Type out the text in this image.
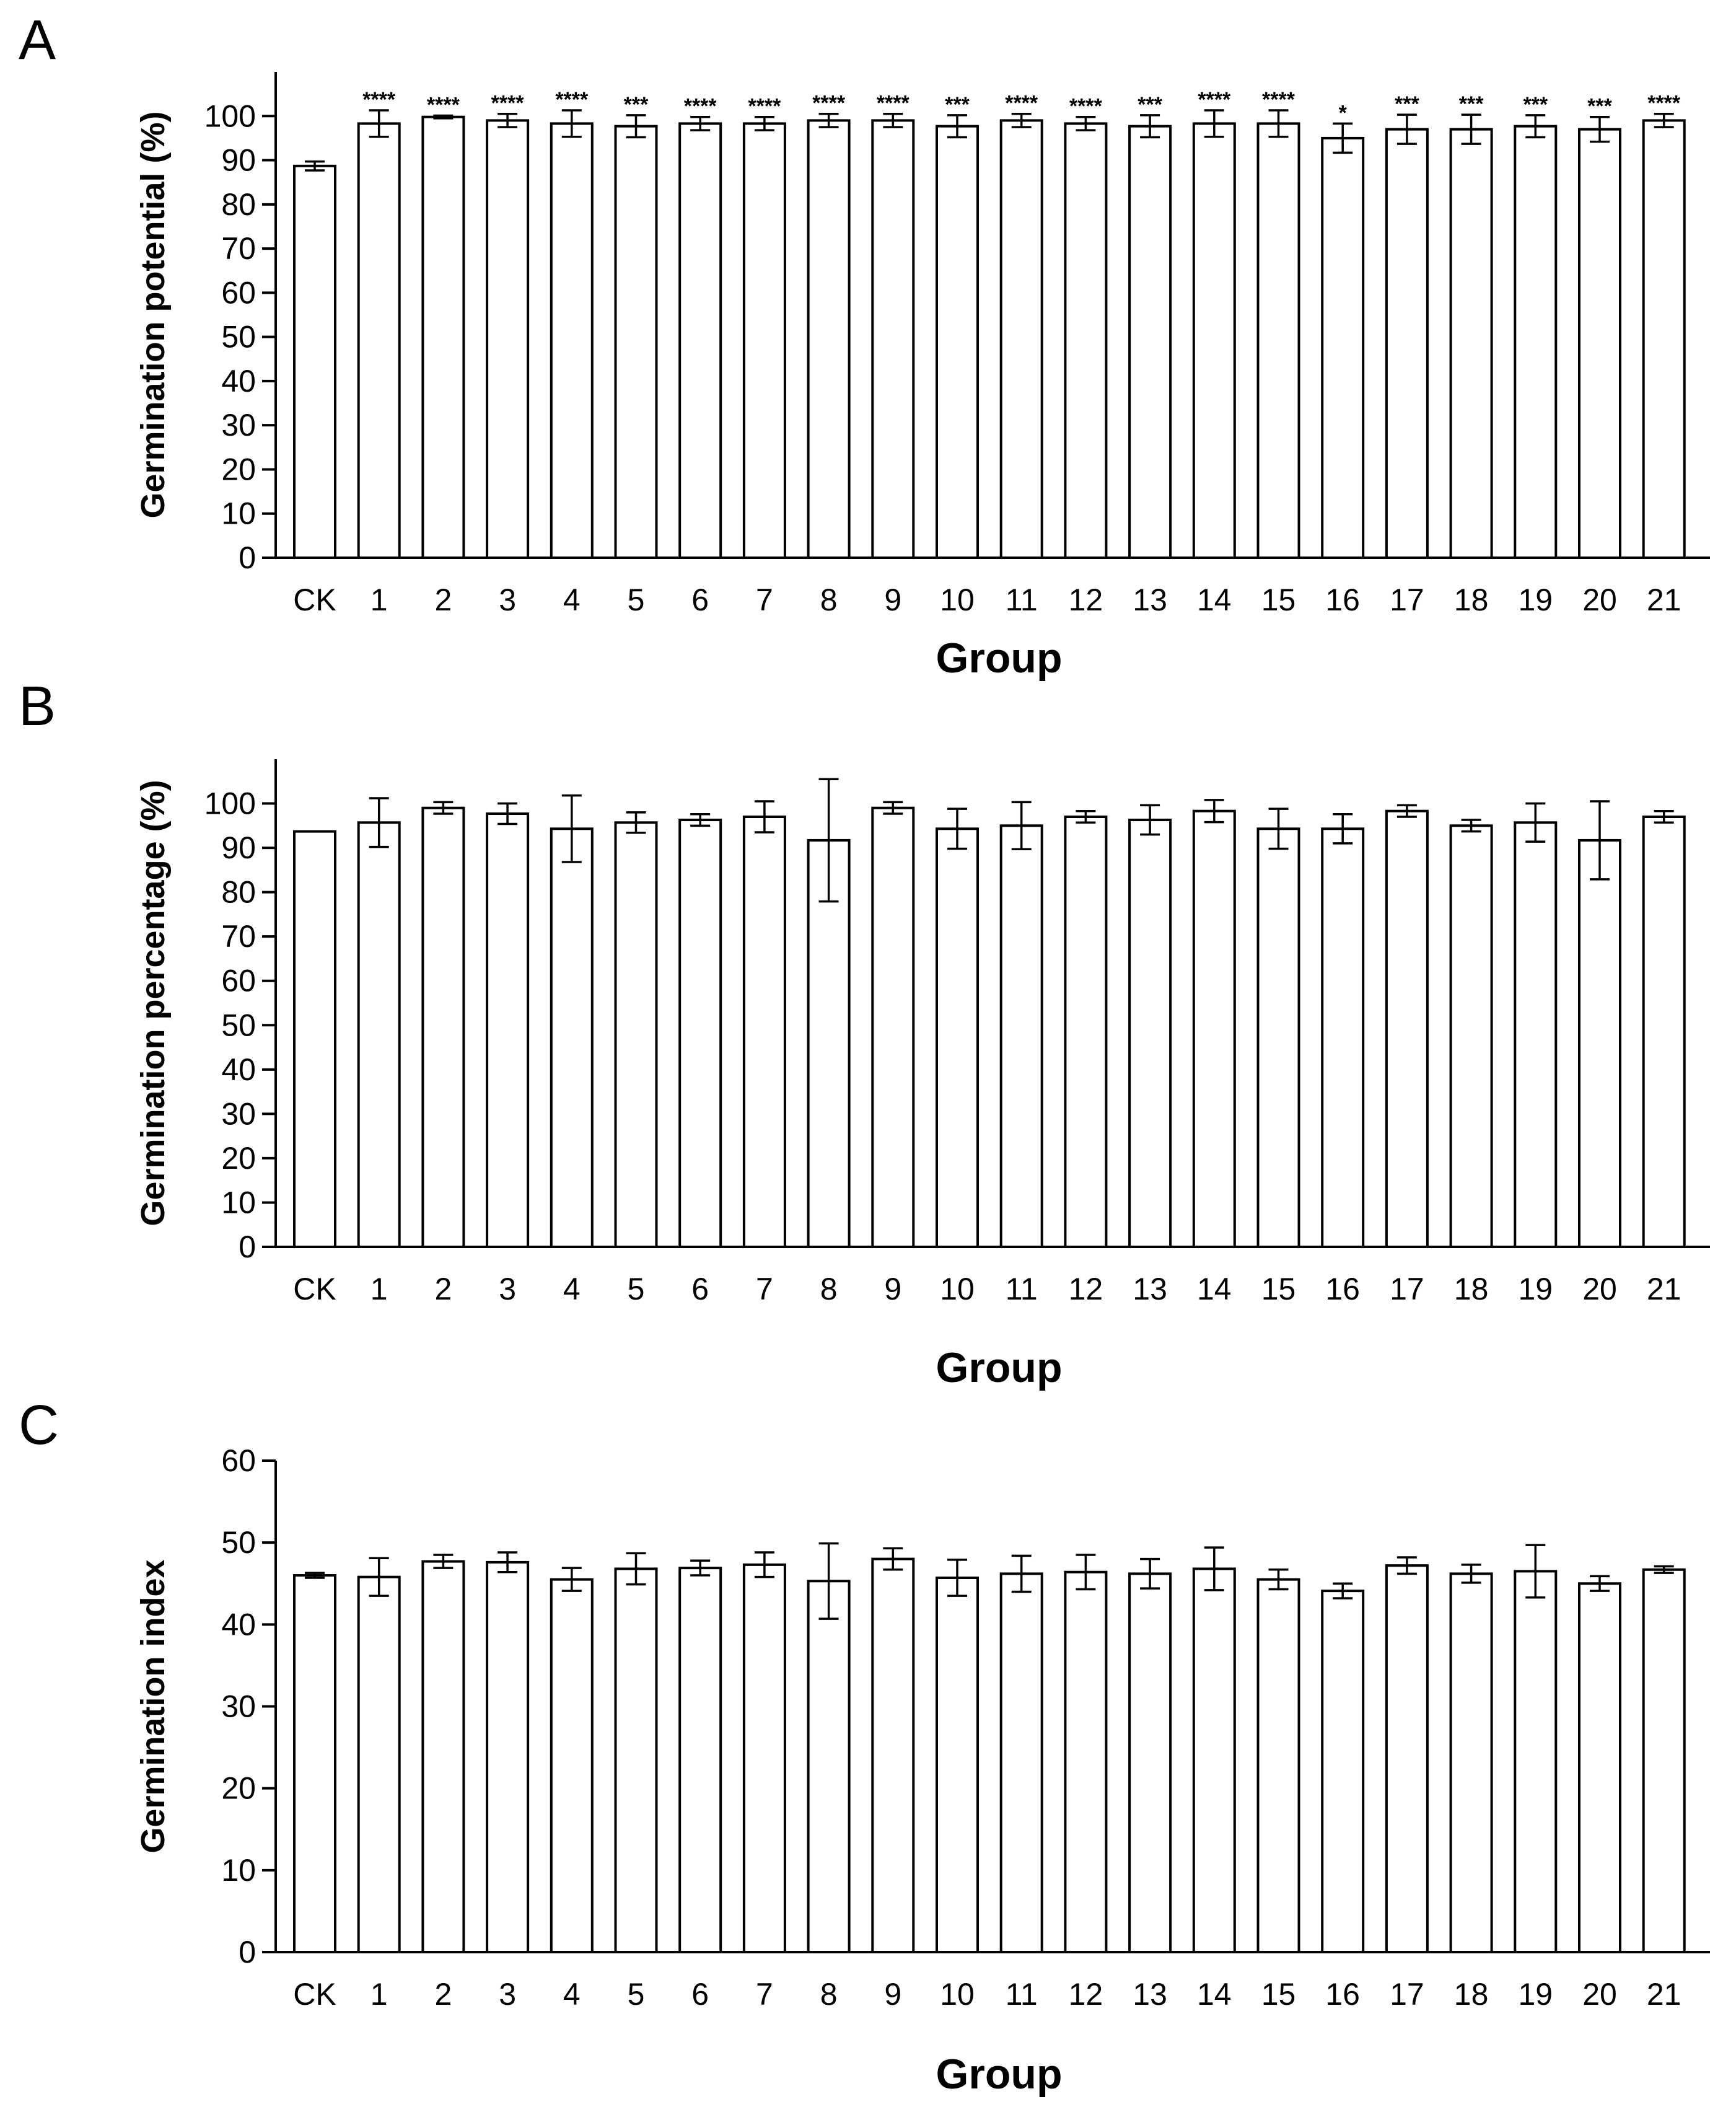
A
0
10
20
30
40
50
60
70
80
90
100
Germination potential (%)
Group
CK
****
1
****
2
****
3
****
4
***
5
****
6
****
7
****
8
****
9
***
10
****
11
****
12
***
13
****
14
****
15
*
16
***
17
***
18
***
19
***
20
****
21
B
0
10
20
30
40
50
60
70
80
90
100
Germination percentage (%)
Group
CK 1 2 3 4 5 6 7 8 9 10 11 12 13 14 15 16 17 18 19 20 21
C
0
10
20
30
40
50
60
Germination index
Group
CK 1 2 3 4 5 6 7 8 9 10 11 12 13 14 15 16 17 18 19 20 21
